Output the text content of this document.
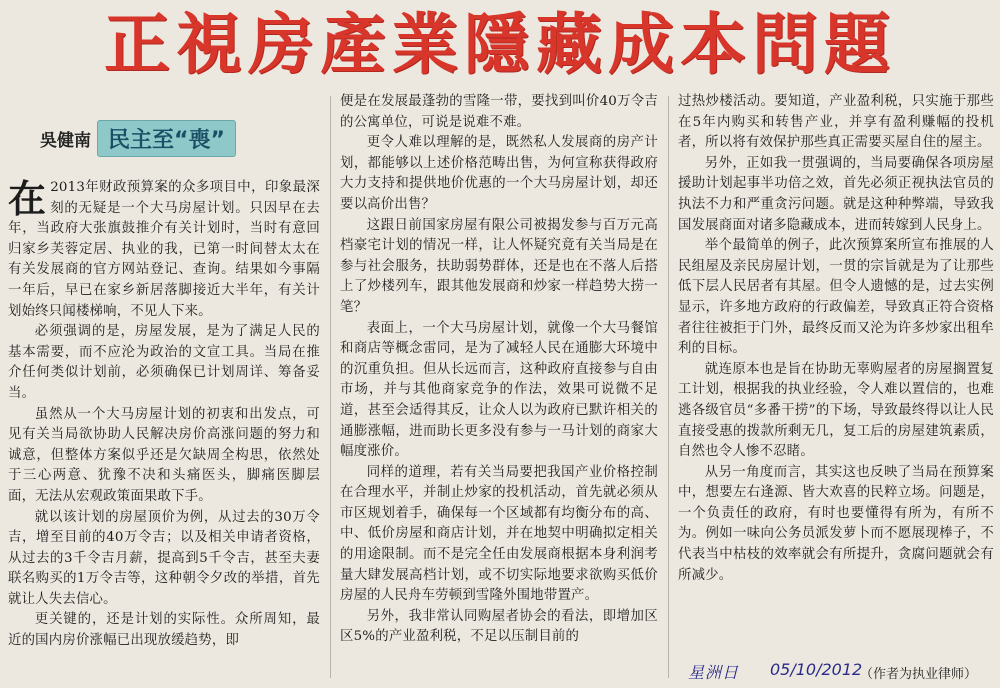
正視房產業隱藏成本問題
吳健南 民主至“喪”

在 2013年财政预算案的众多项目中，印象最深刻的无疑是一个大马房屋计划。只因早在去年，当政府大张旗鼓推介有关计划时，当时有意回归家乡芙蓉定居、执业的我，已第一时间替太太在有关发展商的官方网站登记、查询。结果如今事隔一年后，早已在家乡新居落脚接近大半年，有关计划始终只闻楼梯响，不见人下来。

必须强调的是，房屋发展，是为了满足人民的基本需要，而不应沦为政治的文宣工具。当局在推介任何类似计划前，必须确保已计划周详、筹备妥当。

虽然从一个大马房屋计划的初衷和出发点，可见有关当局欲协助人民解决房价高涨问题的努力和诚意，但整体方案似乎还是欠缺周全构思，依然处于三心两意、犹豫不决和头痛医头，脚痛医脚层面，无法从宏观政策面果敢下手。

就以该计划的房屋顶价为例，从过去的30万令吉，增至目前的40万令吉；以及相关申请者资格，从过去的3千令吉月薪，提高到5千令吉，甚至夫妻联名购买的1万令吉等，这种朝令夕改的举措，首先就让人失去信心。

更关键的，还是计划的实际性。众所周知，最近的国内房价涨幅已出现放缓趋势，即

便是在发展最蓬勃的雪隆一带，要找到叫价40万令吉的公寓单位，可说是说难不难。

更令人难以理解的是，既然私人发展商的房产计划，都能够以上述价格范畴出售，为何宣称获得政府大力支持和提供地价优惠的一个大马房屋计划，却还要以高价出售？

这跟日前国家房屋有限公司被揭发参与百万元高档豪宅计划的情况一样，让人怀疑究竟有关当局是在参与社会服务，扶助弱势群体，还是也在不落人后搭上了炒楼列车，跟其他发展商和炒家一样趋势大捞一笔？

表面上，一个大马房屋计划，就像一个大马餐馆和商店等概念雷同，是为了减轻人民在通膨大环境中的沉重负担。但从长远而言，这种政府直接参与自由市场，并与其他商家竞争的作法，效果可说微不足道，甚至会适得其反，让众人以为政府已默许相关的通膨涨幅，进而助长更多没有参与一马计划的商家大幅度涨价。

同样的道理，若有关当局要把我国产业价格控制在合理水平，并制止炒家的投机活动，首先就必须从市区规划着手，确保每一个区域都有均衡分布的高、中、低价房屋和商店计划，并在地契中明确拟定相关的用途限制。而不是完全任由发展商根据本身利润考量大肆发展高档计划，或不切实际地要求欲购买低价房屋的人民舟车劳顿到雪隆外围地带置产。

另外，我非常认同购屋者协会的看法，即增加区区5%的产业盈利税，不足以压制目前的

过热炒楼活动。要知道，产业盈利税，只实施于那些在5年内购买和转售产业，并享有盈利赚幅的投机者，所以将有效保护那些真正需要买屋自住的屋主。

另外，正如我一贯强调的，当局要确保各项房屋援助计划起事半功倍之效，首先必须正视执法官员的执法不力和严重贪污问题。就是这种种弊端，导致我国发展商面对诸多隐藏成本，进而转嫁到人民身上。

举个最简单的例子，此次预算案所宣布推展的人民组屋及亲民房屋计划，一贯的宗旨就是为了让那些低下层人民居者有其屋。但令人遗憾的是，过去实例显示，许多地方政府的行政偏差，导致真正符合资格者往往被拒于门外，最终反而又沦为许多炒家出租牟利的目标。

就连原本也是旨在协助无辜购屋者的房屋搁置复工计划，根据我的执业经验，令人难以置信的，也难逃各级官员“多番干捞”的下场，导致最终得以让人民直接受惠的拨款所剩无几，复工后的房屋建筑素质，自然也令人惨不忍睹。

从另一角度而言，其实这也反映了当局在预算案中，想要左右逢源、皆大欢喜的民粹立场。问题是，一个负责任的政府，有时也要懂得有所为，有所不为。例如一味向公务员派发萝卜而不愿展现棒子，不代表当中枯枝的效率就会有所提升，贪腐问题就会有所减少。

星洲日 05/10/2012
（作者为执业律师）
